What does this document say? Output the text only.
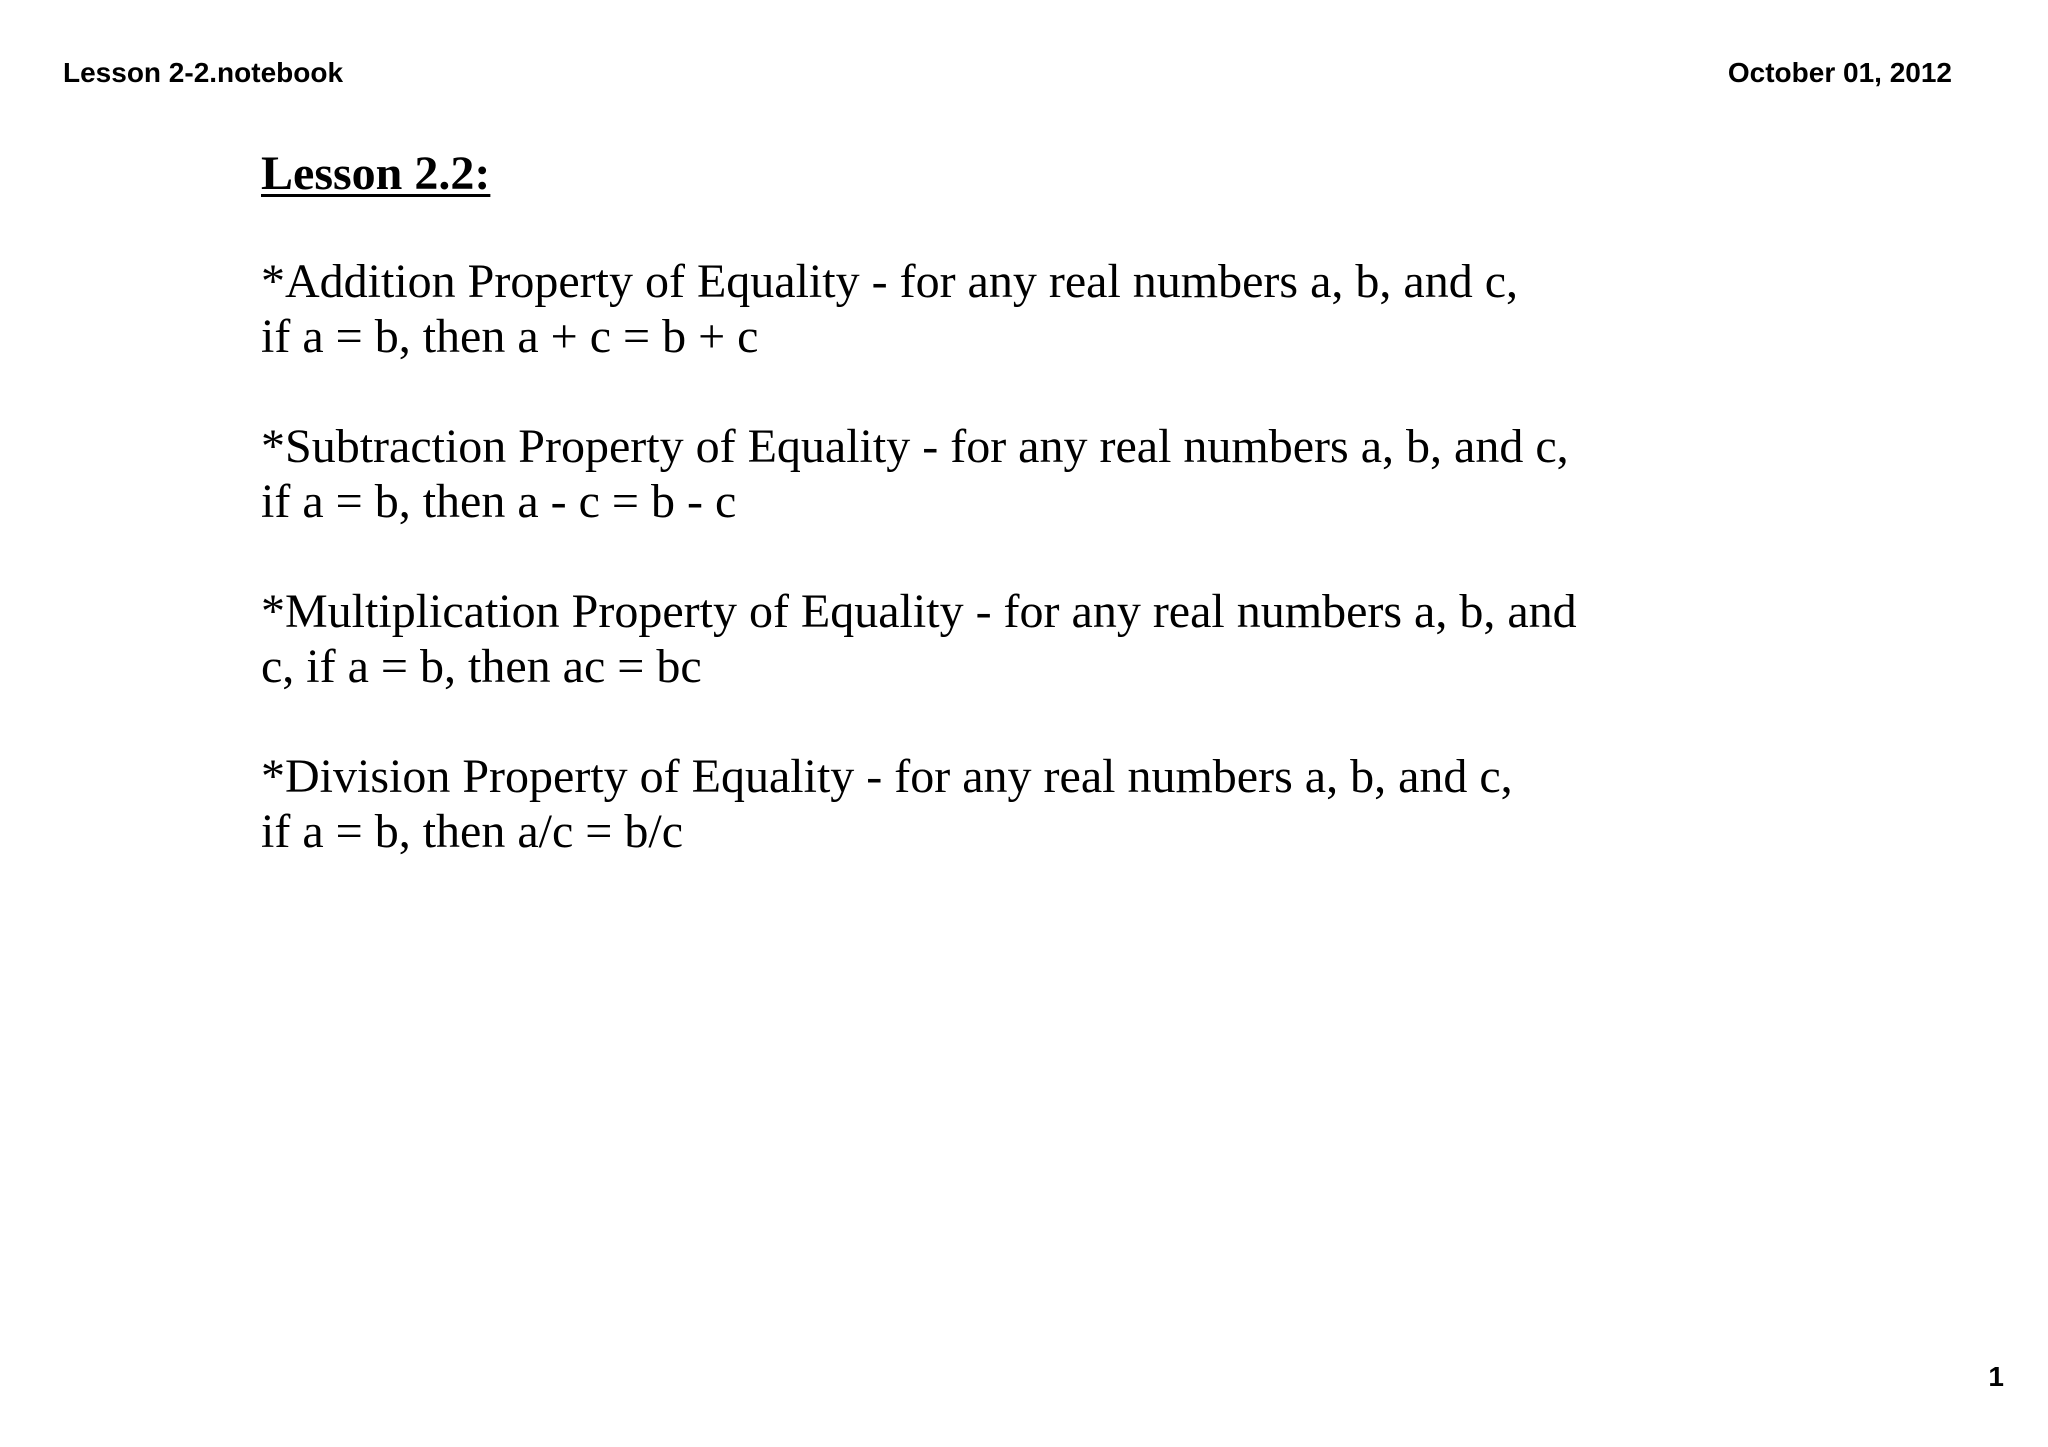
Lesson 2-2.notebook	October 01, 2012
Lesson 2.2:

*Addition Property of Equality - for any real numbers a, b, and c,
if a = b, then a + c = b + c

*Subtraction Property of Equality - for any real numbers a, b, and c,
if a = b, then a - c = b - c

*Multiplication Property of Equality - for any real numbers a, b, and
c, if a = b, then ac = bc

*Division Property of Equality - for any real numbers a, b, and c,
if a = b, then a/c = b/c

1
